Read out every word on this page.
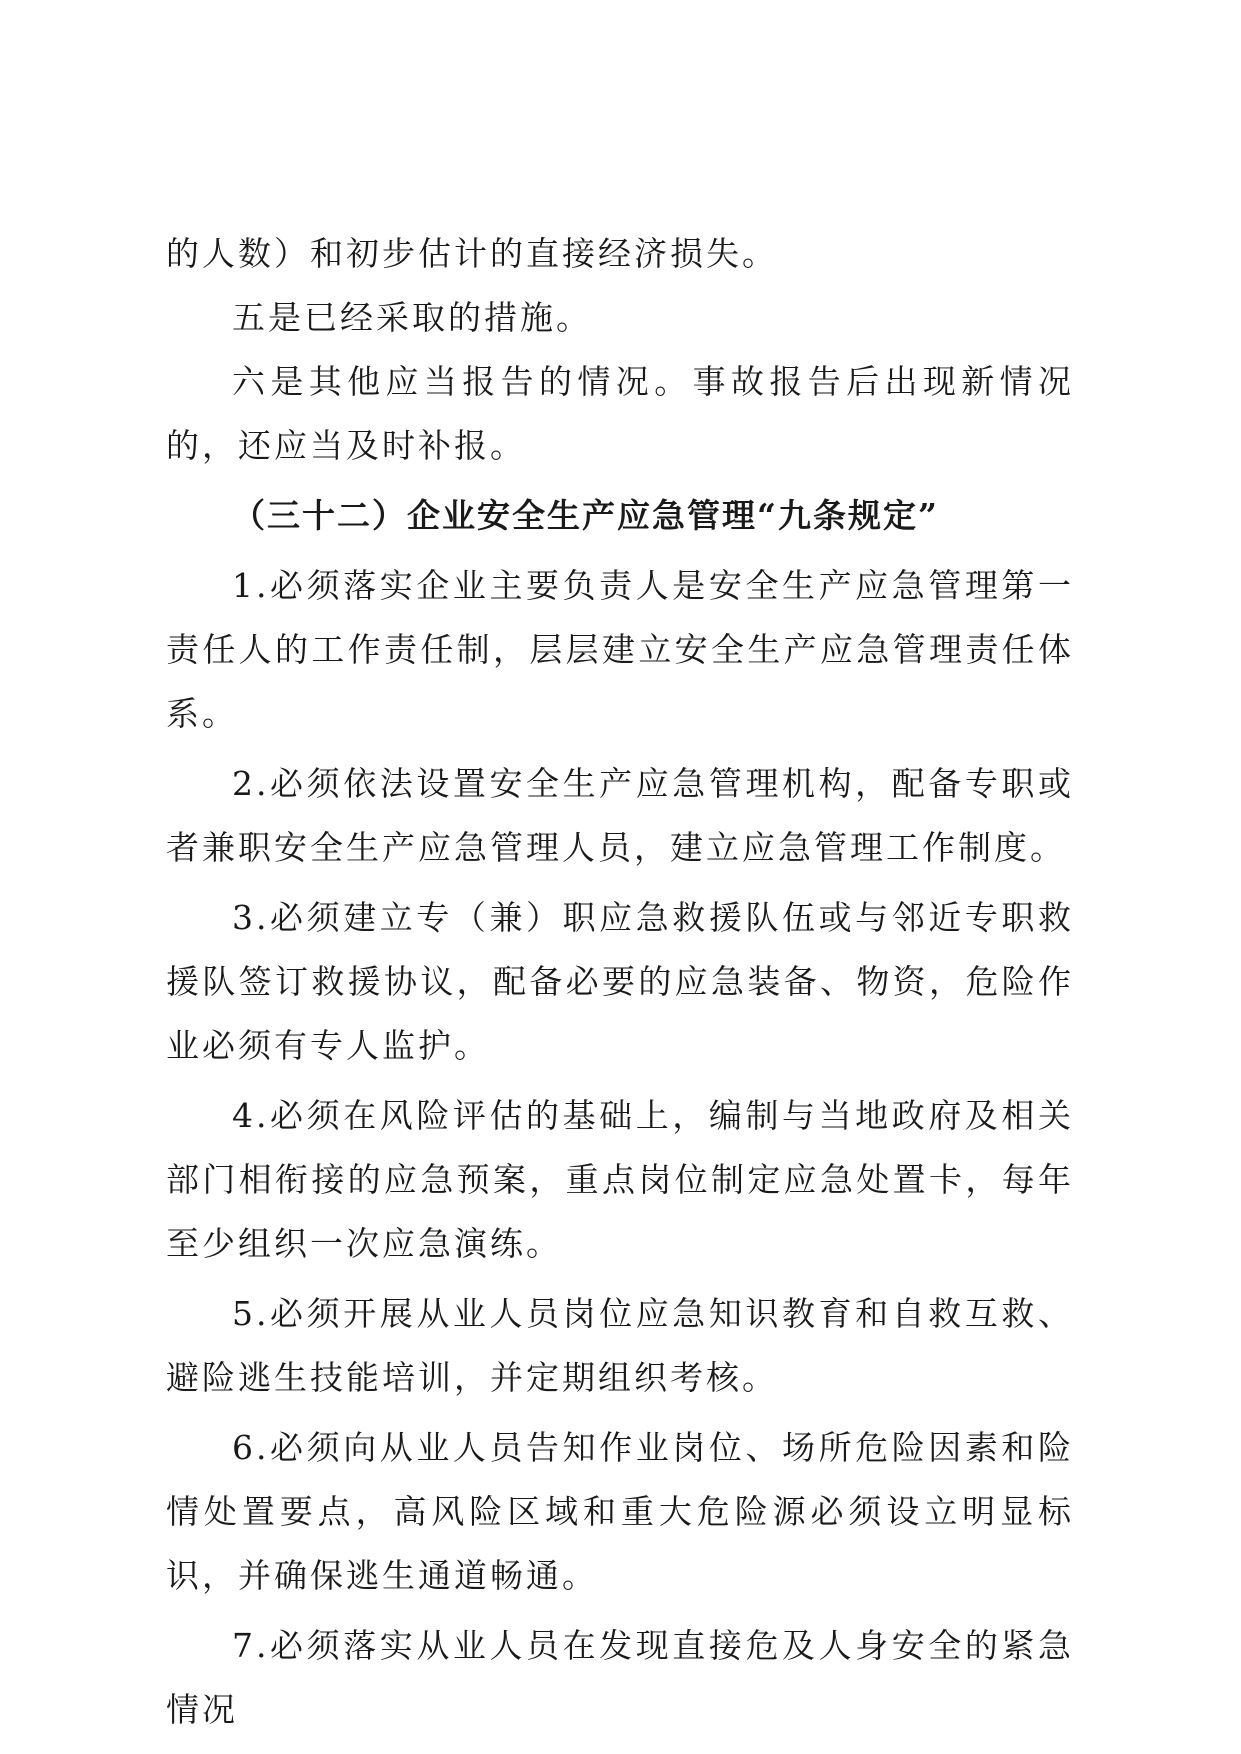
的人数）和初步估计的直接经济损失。

五是已经采取的措施。

六是其他应当报告的情况。事故报告后出现新情况的，还应当及时补报。

（三十二）企业安全生产应急管理“九条规定”

1.必须落实企业主要负责人是安全生产应急管理第一责任人的工作责任制，层层建立安全生产应急管理责任体系。

2.必须依法设置安全生产应急管理机构，配备专职或者兼职安全生产应急管理人员，建立应急管理工作制度。

3.必须建立专（兼）职应急救援队伍或与邻近专职救援队签订救援协议，配备必要的应急装备、物资，危险作业必须有专人监护。

4.必须在风险评估的基础上，编制与当地政府及相关部门相衔接的应急预案，重点岗位制定应急处置卡，每年至少组织一次应急演练。

5.必须开展从业人员岗位应急知识教育和自救互救、避险逃生技能培训，并定期组织考核。

6.必须向从业人员告知作业岗位、场所危险因素和险情处置要点，高风险区域和重大危险源必须设立明显标识，并确保逃生通道畅通。

7.必须落实从业人员在发现直接危及人身安全的紧急情况
